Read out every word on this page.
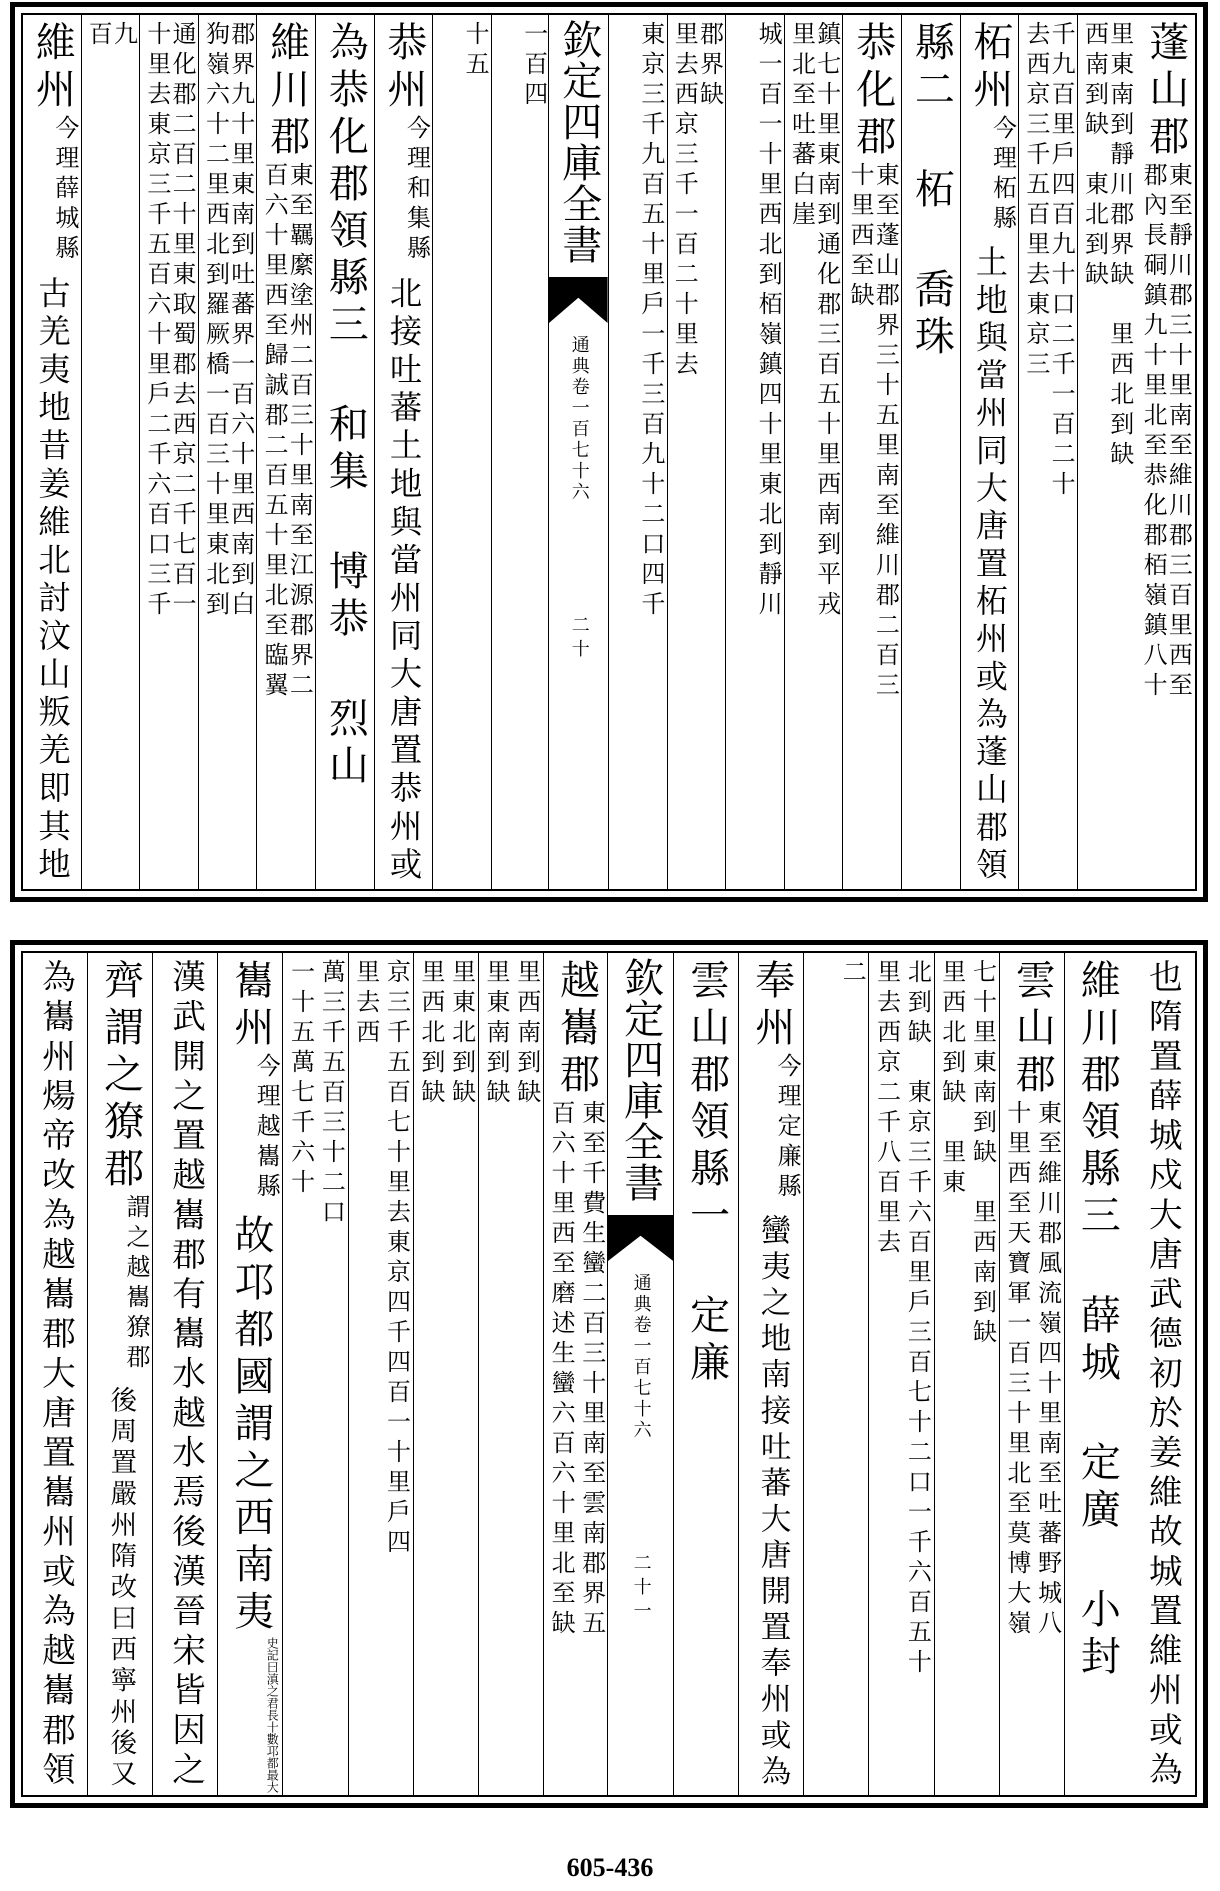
蓬山郡
東至靜川郡三十里南至維川郡三百里西至
郡內長硐鎮九十里北至恭化郡栢嶺鎮八十
里東南到靜川郡界缺
西南到缺
里西北到缺
東北到缺
千九百里戶四百九十口二千一百二十
去西京三千五百里去東京三
柘州
今理柘縣
土地與當州同大唐置柘州或為蓬山郡領
縣二 柘 喬珠
恭化郡
東至蓬山郡界三十五里南至維川郡二百三
十里西至缺
鎮七十里東南到通化郡三百五十里西南到平戎
里北至吐蕃白崖
城一百一十里西北到栢嶺鎮四十里東北到靜川
郡界缺
里去西京三千一百二十里去
東京三千九百五十里戶一千三百九十二口四千
欽定四庫全書
通典卷一百七十六
二十
一百四
十五
恭州
今理和集縣
北接吐蕃土地與當州同大唐置恭州或
為恭化郡領縣三 和集 博恭 烈山
維川郡
東至羈縻塗州二百三十里南至江源郡界二
百六十里西至歸誠郡二百五十里北至臨翼
郡界九十里東南到吐蕃界一百六十里西南到白
狗嶺六十二里西北到羅厥橋一百三十里東北到
通化郡二百二十里東取蜀郡去西京二千七百一
十里去東京三千五百六十里戶二千六百口三千
九
百
維州
今理薛城縣
古羌夷地昔姜維北討汶山叛羌即其地
也隋置薛城戍大唐武德初於姜維故城置維州或為
維川郡領縣三 薛城 定廣 小封
雲山郡
東至維川郡風流嶺四十里南至吐蕃野城八
十里西至天寶軍一百三十里北至莫博大嶺
七十里東南到缺
里西北到缺
里西南到缺
里東
北到缺
里去西京二千八百里去 東京三千六百里戶三百七十二口一千六百五十
二
奉州
今理定廉縣
蠻夷之地南接吐蕃大唐開置奉州或為
雲山郡領縣一 定廉
欽定四庫全書
通典卷一百七十六
二十一
越巂郡
東至千費生蠻二百三十里南至雲南郡界五
百六十里西至磨述生蠻六百六十里北至缺
里西南到缺
里東南到缺
里東北到缺
里西北到缺
京三千五百七十里去東京四千四百一十里戶四
里去西
萬三千五百三十二口
一十五萬七千六十
巂州
今理越巂縣
故邛都國謂之西南夷
史記曰滇之君長十數邛都最大
漢武開之置越巂郡有巂水越水焉後漢晉宋皆因之
齊謂之獠郡
謂之越巂獠郡
後周置嚴州隋改曰西寧州後又
為巂州煬帝改為越巂郡大唐置巂州或為越巂郡領
605-436
